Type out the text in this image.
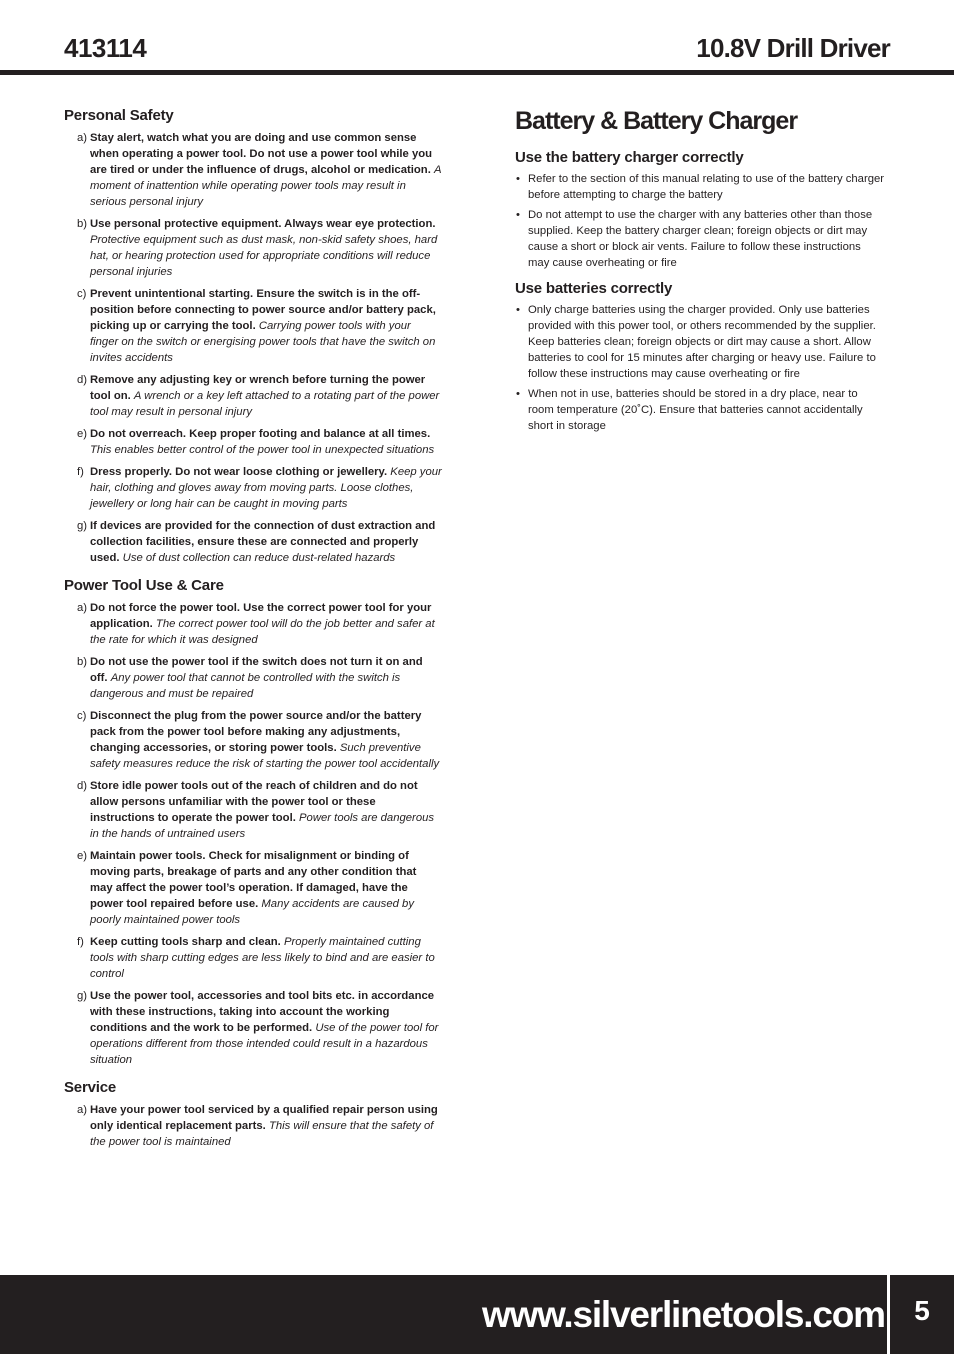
413114	10.8V Drill Driver
Personal Safety
a) Stay alert, watch what you are doing and use common sense when operating a power tool. Do not use a power tool while you are tired or under the influence of drugs, alcohol or medication. A moment of inattention while operating power tools may result in serious personal injury
b) Use personal protective equipment. Always wear eye protection. Protective equipment such as dust mask, non-skid safety shoes, hard hat, or hearing protection used for appropriate conditions will reduce personal injuries
c) Prevent unintentional starting. Ensure the switch is in the off-position before connecting to power source and/or battery pack, picking up or carrying the tool. Carrying power tools with your finger on the switch or energising power tools that have the switch on invites accidents
d) Remove any adjusting key or wrench before turning the power tool on. A wrench or a key left attached to a rotating part of the power tool may result in personal injury
e) Do not overreach. Keep proper footing and balance at all times. This enables better control of the power tool in unexpected situations
f) Dress properly. Do not wear loose clothing or jewellery. Keep your hair, clothing and gloves away from moving parts. Loose clothes, jewellery or long hair can be caught in moving parts
g) If devices are provided for the connection of dust extraction and collection facilities, ensure these are connected and properly used. Use of dust collection can reduce dust-related hazards
Power Tool Use & Care
a) Do not force the power tool. Use the correct power tool for your application. The correct power tool will do the job better and safer at the rate for which it was designed
b) Do not use the power tool if the switch does not turn it on and off. Any power tool that cannot be controlled with the switch is dangerous and must be repaired
c) Disconnect the plug from the power source and/or the battery pack from the power tool before making any adjustments, changing accessories, or storing power tools. Such preventive safety measures reduce the risk of starting the power tool accidentally
d) Store idle power tools out of the reach of children and do not allow persons unfamiliar with the power tool or these instructions to operate the power tool. Power tools are dangerous in the hands of untrained users
e) Maintain power tools. Check for misalignment or binding of moving parts, breakage of parts and any other condition that may affect the power tool’s operation. If damaged, have the power tool repaired before use. Many accidents are caused by poorly maintained power tools
f) Keep cutting tools sharp and clean. Properly maintained cutting tools with sharp cutting edges are less likely to bind and are easier to control
g) Use the power tool, accessories and tool bits etc. in accordance with these instructions, taking into account the working conditions and the work to be performed. Use of the power tool for operations different from those intended could result in a hazardous situation
Service
a) Have your power tool serviced by a qualified repair person using only identical replacement parts. This will ensure that the safety of the power tool is maintained
Battery & Battery Charger
Use the battery charger correctly
• Refer to the section of this manual relating to use of the battery charger before attempting to charge the battery
• Do not attempt to use the charger with any batteries other than those supplied. Keep the battery charger clean; foreign objects or dirt may cause a short or block air vents. Failure to follow these instructions may cause overheating or fire
Use batteries correctly
• Only charge batteries using the charger provided. Only use batteries provided with this power tool, or others recommended by the supplier. Keep batteries clean; foreign objects or dirt may cause a short. Allow batteries to cool for 15 minutes after charging or heavy use. Failure to follow these instructions may cause overheating or fire
• When not in use, batteries should be stored in a dry place, near to room temperature (20˚C). Ensure that batteries cannot accidentally short in storage
www.silverlinetools.com	5
